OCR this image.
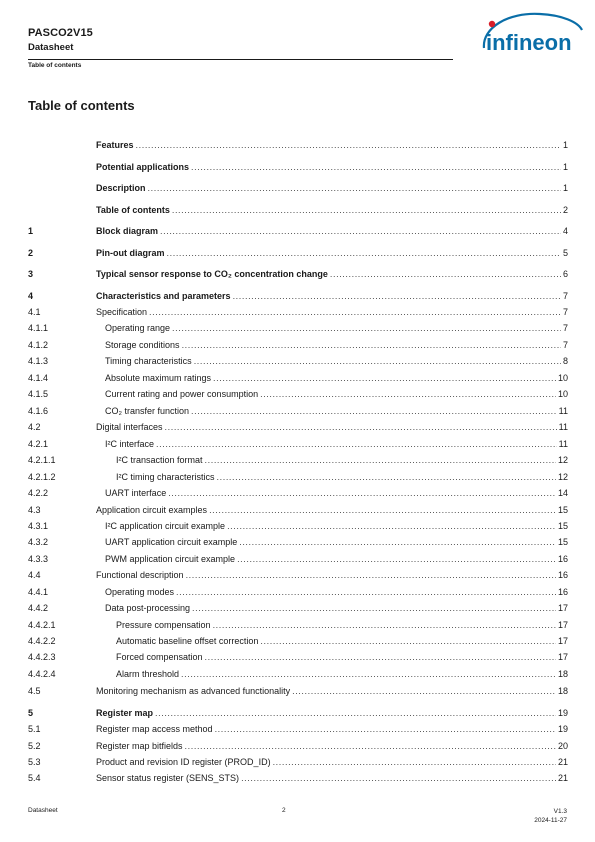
PASCO2V15
Datasheet
Table of contents
infineon
Table of contents
Features .....	1
Potential applications .....	1
Description .....	1
Table of contents .....	2
1	Block diagram .....	4
2	Pin-out diagram .....	5
3	Typical sensor response to CO₂ concentration change .....	6
4	Characteristics and parameters .....	7
4.1	Specification .....	7
4.1.1	Operating range .....	7
4.1.2	Storage conditions .....	7
4.1.3	Timing characteristics .....	8
4.1.4	Absolute maximum ratings .....	10
4.1.5	Current rating and power consumption .....	10
4.1.6	CO₂ transfer function .....	11
4.2	Digital interfaces .....	11
4.2.1	I²C interface .....	11
4.2.1.1	I²C transaction format .....	12
4.2.1.2	I²C timing characteristics .....	12
4.2.2	UART interface .....	14
4.3	Application circuit examples .....	15
4.3.1	I²C application circuit example .....	15
4.3.2	UART application circuit example .....	15
4.3.3	PWM application circuit example .....	16
4.4	Functional description .....	16
4.4.1	Operating modes .....	16
4.4.2	Data post-processing .....	17
4.4.2.1	Pressure compensation .....	17
4.4.2.2	Automatic baseline offset correction .....	17
4.4.2.3	Forced compensation .....	17
4.4.2.4	Alarm threshold .....	18
4.5	Monitoring mechanism as advanced functionality .....	18
5	Register map .....	19
5.1	Register map access method .....	19
5.2	Register map bitfields .....	20
5.3	Product and revision ID register (PROD_ID) .....	21
5.4	Sensor status register (SENS_STS) .....	21
Datasheet	2	V1.3
2024-11-27
